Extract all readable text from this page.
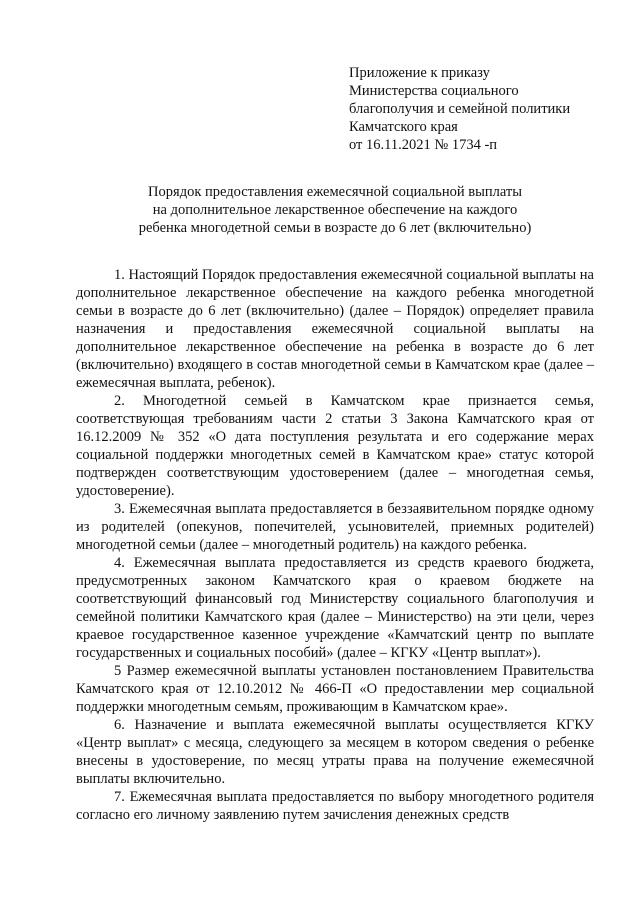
Приложение к приказу
Министерства социального
благополучия и семейной политики
Камчатского края
от 16.11.2021 № 1734 -п
Порядок предоставления ежемесячной социальной выплаты
на дополнительное лекарственное обеспечение на каждого
ребенка многодетной семьи в возрасте до 6 лет (включительно)

1. Настоящий Порядок предоставления ежемесячной социальной выплаты на дополнительное лекарственное обеспечение на каждого ребенка многодетной семьи в возрасте до 6 лет (включительно) (далее – Порядок) определяет правила назначения и предоставления ежемесячной социальной выплаты на дополнительное лекарственное обеспечение на ребенка в возрасте до 6 лет (включительно) входящего в состав многодетной семьи в Камчатском крае (далее – ежемесячная выплата, ребенок).

2. Многодетной семьей в Камчатском крае признается семья, соответствующая требованиям части 2 статьи 3 Закона Камчатского края от 16.12.2009 № 352 «О дата поступления результата и его содержание мерах социальной поддержки многодетных семей в Камчатском крае» статус которой подтвержден соответствующим удостоверением (далее – многодетная семья, удостоверение).

3. Ежемесячная выплата предоставляется в беззаявительном порядке одному из родителей (опекунов, попечителей, усыновителей, приемных родителей) многодетной семьи (далее – многодетный родитель) на каждого ребенка.

4. Ежемесячная выплата предоставляется из средств краевого бюджета, предусмотренных законом Камчатского края о краевом бюджете на соответствующий финансовый год Министерству социального благополучия и семейной политики Камчатского края (далее – Министерство) на эти цели, через краевое государственное казенное учреждение «Камчатский центр по выплате государственных и социальных пособий» (далее – КГКУ «Центр выплат»).

5 Размер ежемесячной выплаты установлен постановлением Правительства Камчатского края от 12.10.2012 № 466-П «О предоставлении мер социальной поддержки многодетным семьям, проживающим в Камчатском крае».

6. Назначение и выплата ежемесячной выплаты осуществляется КГКУ «Центр выплат» с месяца, следующего за месяцем в котором сведения о ребенке внесены в удостоверение, по месяц утраты права на получение ежемесячной выплаты включительно.

7. Ежемесячная выплата предоставляется по выбору многодетного родителя согласно его личному заявлению путем зачисления денежных средств
